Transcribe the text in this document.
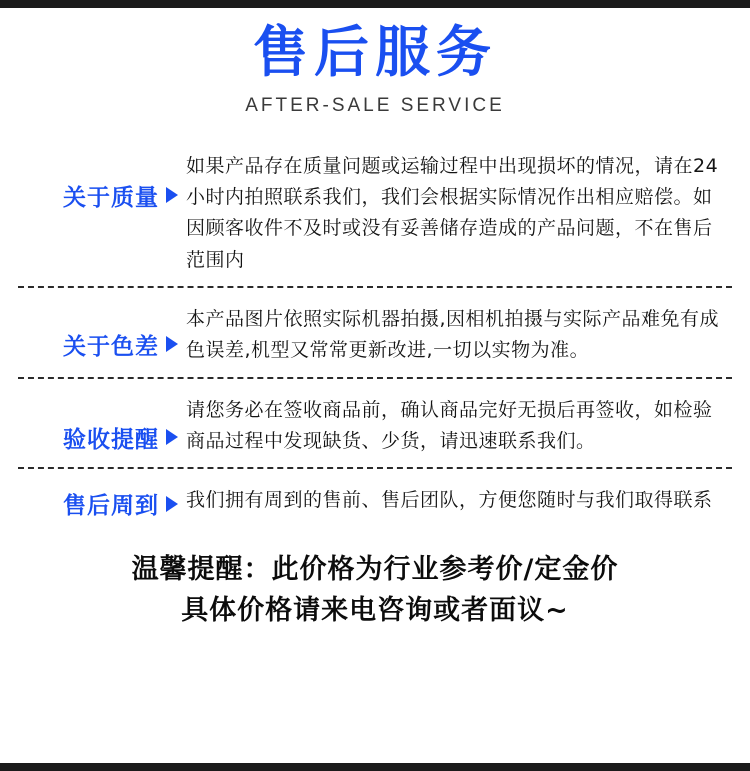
售后服务
AFTER-SALE SERVICE
关于质量
如果产品存在质量问题或运输过程中出现损坏的情况，请在24小时内拍照联系我们，我们会根据实际情况作出相应赔偿。如因顾客收件不及时或没有妥善储存造成的产品问题，不在售后范围内
关于色差
本产品图片依照实际机器拍摄,因相机拍摄与实际产品难免有成色误差,机型又常常更新改进,一切以实物为准。
验收提醒
请您务必在签收商品前，确认商品完好无损后再签收，如检验商品过程中发现缺货、少货，请迅速联系我们。
售后周到 我们拥有周到的售前、售后团队，方便您随时与我们取得联系
温馨提醒：此价格为行业参考价/定金价
具体价格请来电咨询或者面议~
